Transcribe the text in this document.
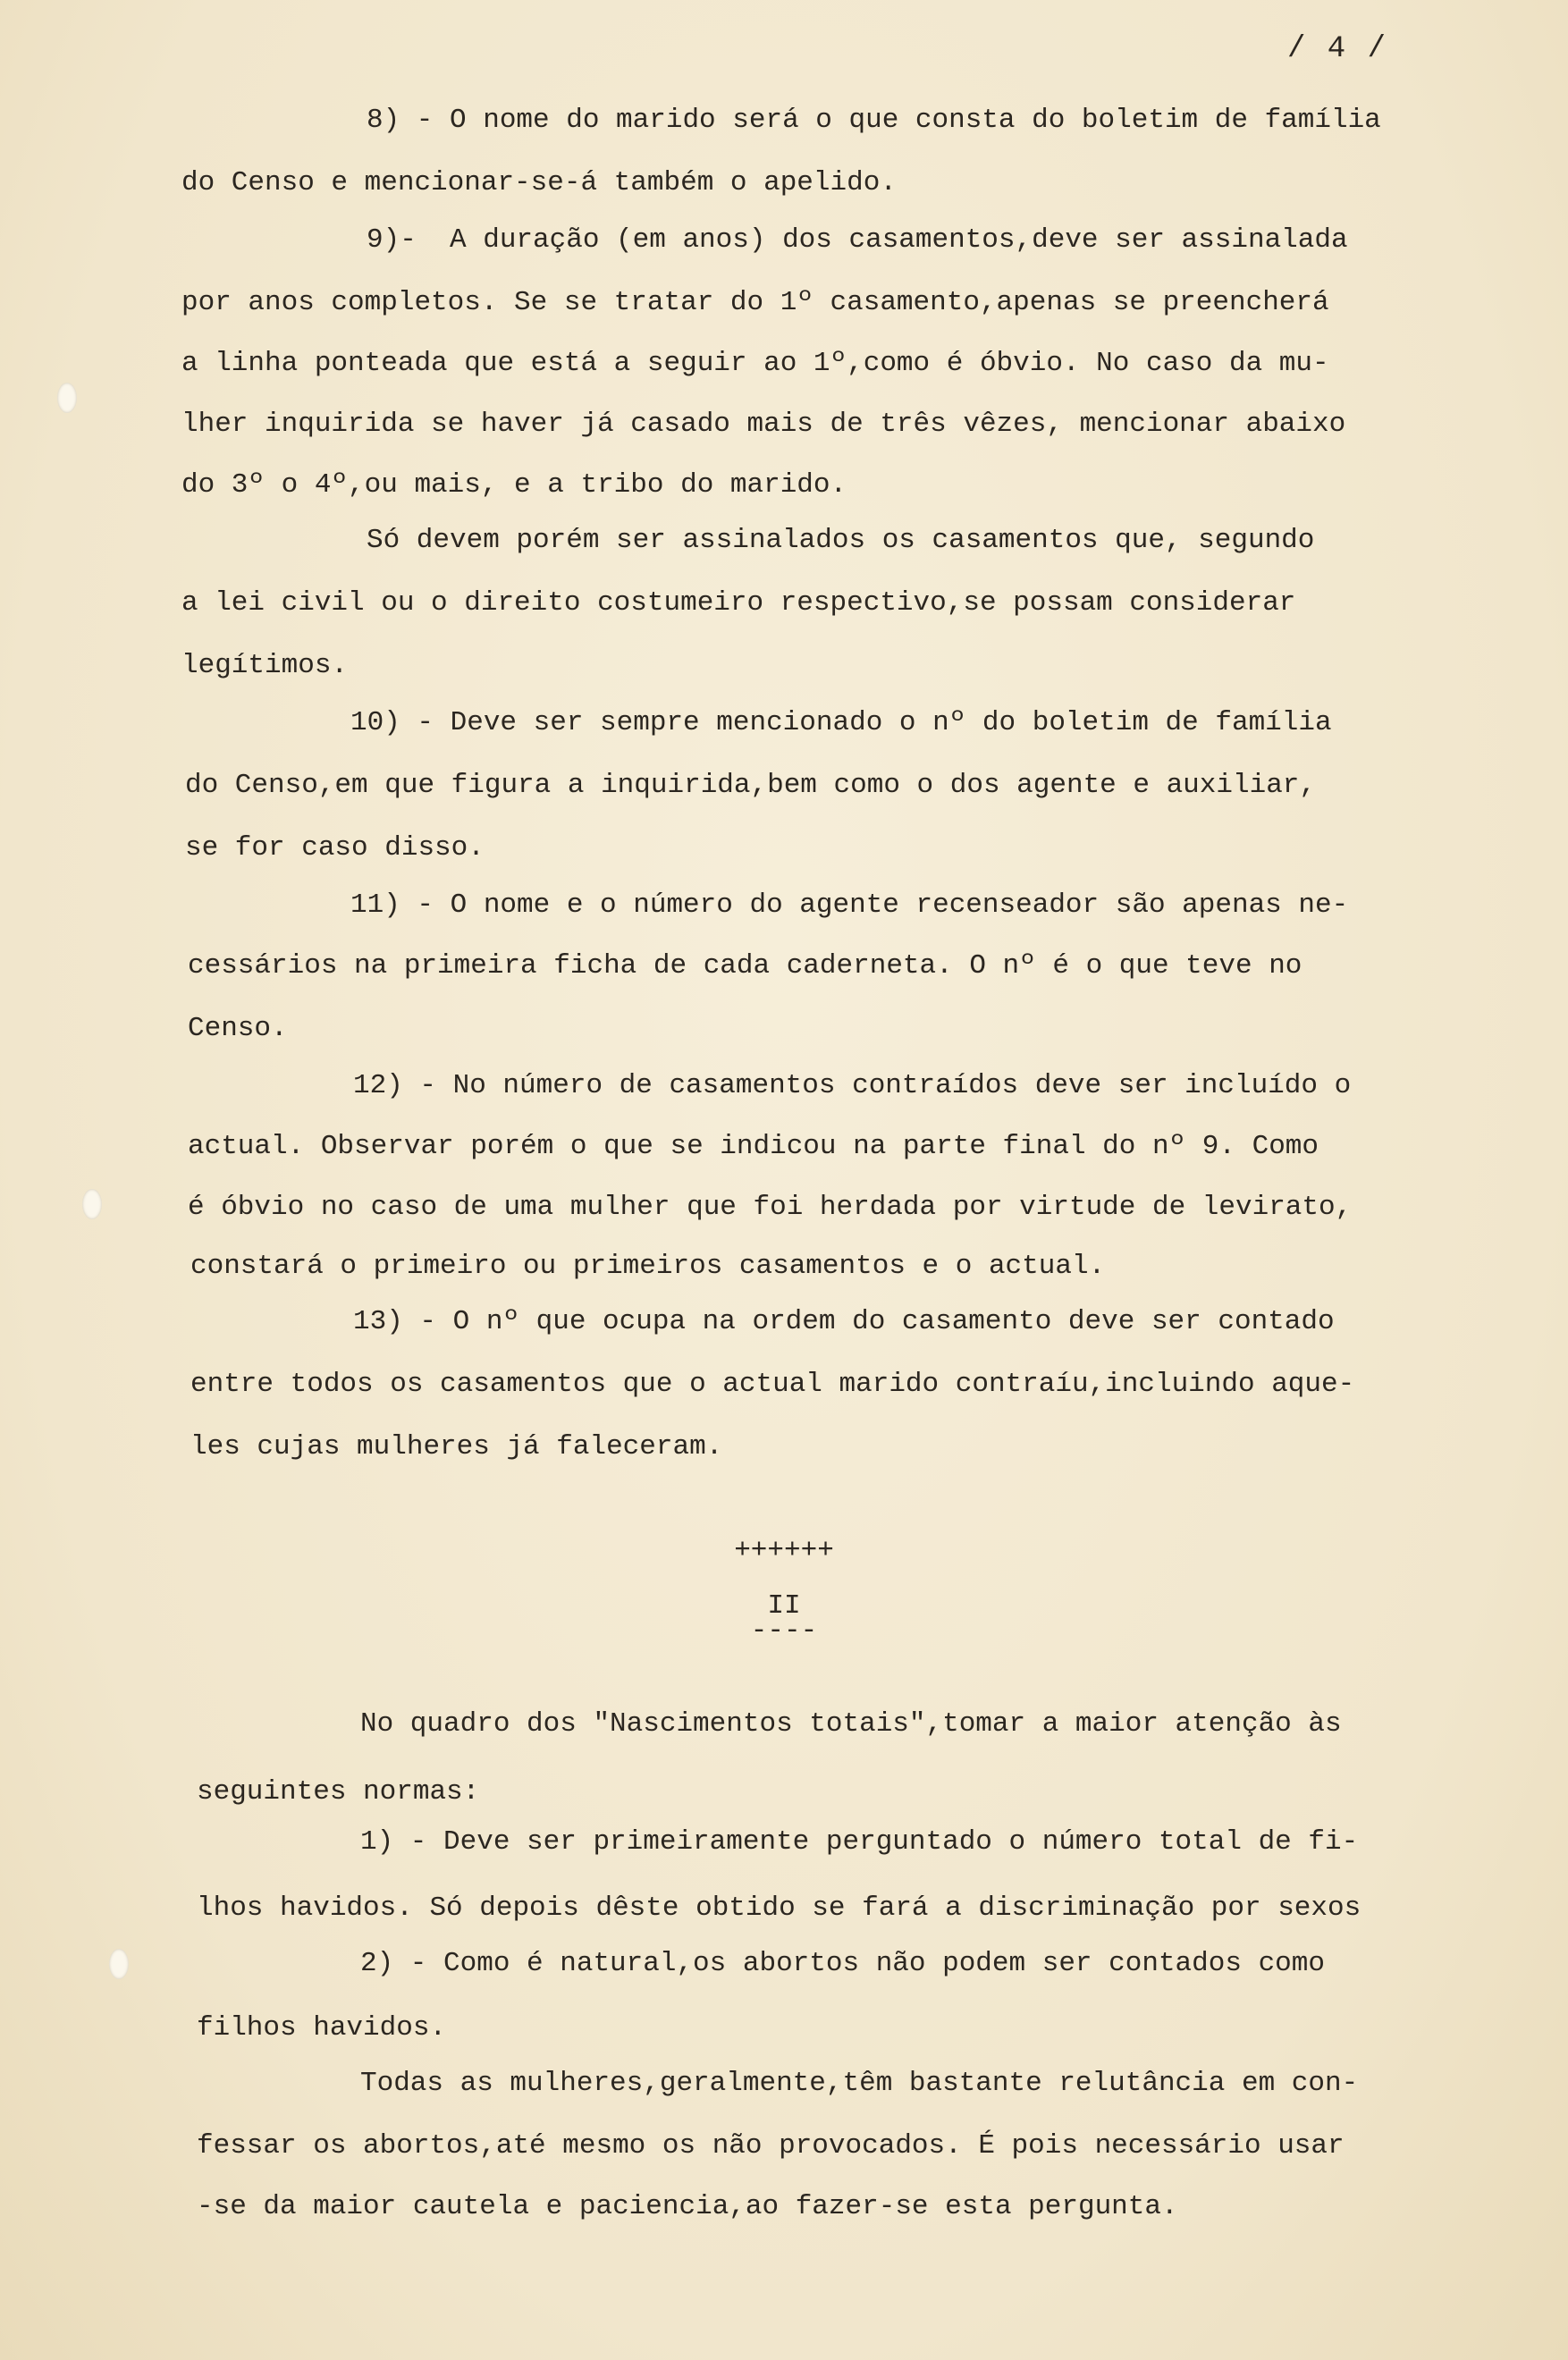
/ 4 /
8) - O nome do marido será o que consta do boletim de família
do Censo e mencionar-se-á também o apelido.
9)-  A duração (em anos) dos casamentos,deve ser assinalada
por anos completos. Se se tratar do 1º casamento,apenas se preencherá
a linha ponteada que está a seguir ao 1º,como é óbvio. No caso da mu-
lher inquirida se haver já casado mais de três vêzes, mencionar abaixo
do 3º o 4º,ou mais, e a tribo do marido.
Só devem porém ser assinalados os casamentos que, segundo
a lei civil ou o direito costumeiro respectivo,se possam considerar
legítimos.
10) - Deve ser sempre mencionado o nº do boletim de família
do Censo,em que figura a inquirida,bem como o dos agente e auxiliar,
se for caso disso.
11) - O nome e o número do agente recenseador são apenas ne-
cessários na primeira ficha de cada caderneta. O nº é o que teve no
Censo.
12) - No número de casamentos contraídos deve ser incluído o
actual. Observar porém o que se indicou na parte final do nº 9. Como
é óbvio no caso de uma mulher que foi herdada por virtude de levirato,
constará o primeiro ou primeiros casamentos e o actual.
13) - O nº que ocupa na ordem do casamento deve ser contado
entre todos os casamentos que o actual marido contraíu,incluindo aque-
les cujas mulheres já faleceram.
++++++
II
----
No quadro dos "Nascimentos totais",tomar a maior atenção às
seguintes normas:
1) - Deve ser primeiramente perguntado o número total de fi-
lhos havidos. Só depois dêste obtido se fará a discriminação por sexos
2) - Como é natural,os abortos não podem ser contados como
filhos havidos.
Todas as mulheres,geralmente,têm bastante relutância em con-
fessar os abortos,até mesmo os não provocados. É pois necessário usar
-se da maior cautela e paciencia,ao fazer-se esta pergunta.
